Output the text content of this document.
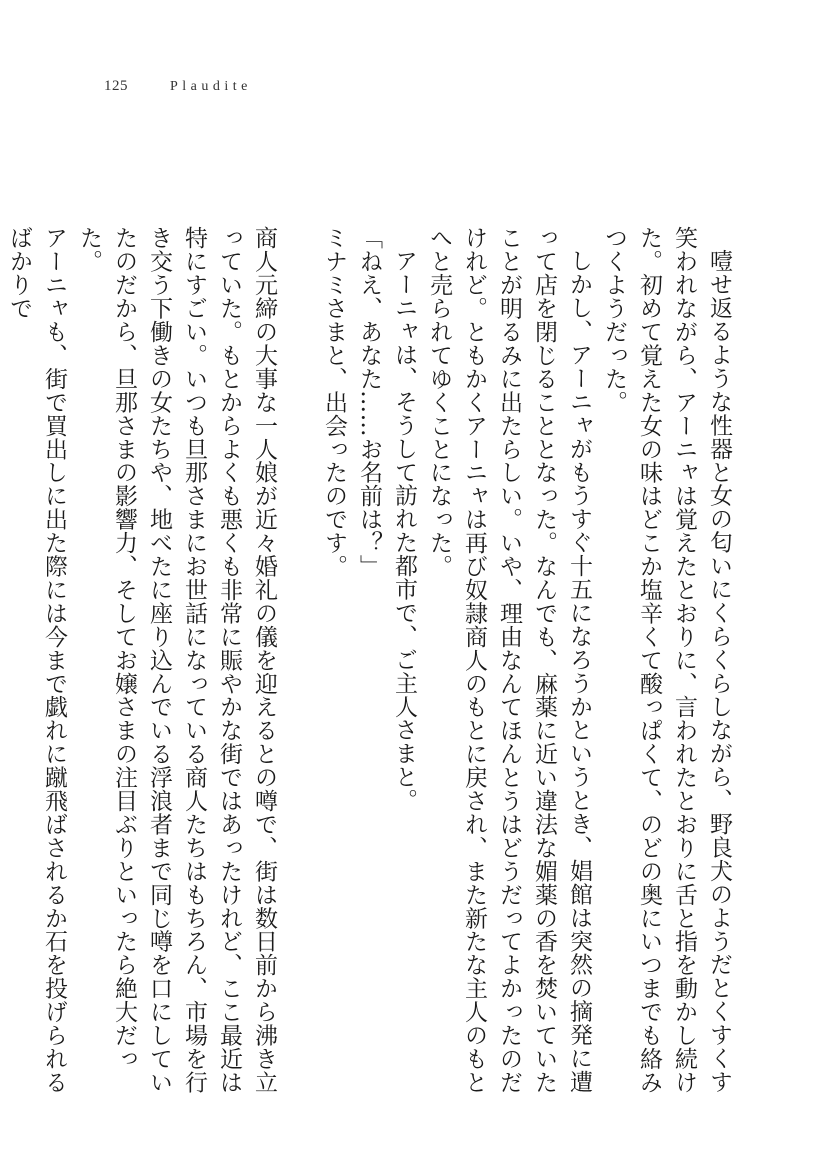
125	Plaudite

噎せ返るような性器と女の匂いにくらくらしながら、野良犬のようだとくすくす笑われながら、アーニャは覚えたとおりに、言われたとおりに舌と指を動かし続けた。初めて覚えた女の味はどこか塩辛くて酸っぱくて、のどの奥にいつまでも絡みつくようだった。

しかし、アーニャがもうすぐ十五になろうかというとき、娼館は突然の摘発に遭って店を閉じることとなった。なんでも、麻薬に近い違法な媚薬の香を焚いていたことが明るみに出たらしい。いや、理由なんてほんとうはどうだってよかったのだけれど。ともかくアーニャは再び奴隷商人のもとに戻され、また新たな主人のもとへと売られてゆくことになった。

アーニャは、そうして訪れた都市で、ご主人さまと。

「ねえ、あなた……お名前は？」

ミナミさまと、出会ったのです。

商人元締の大事な一人娘が近々婚礼の儀を迎えるとの噂で、街は数日前から沸き立っていた。もとからよくも悪くも非常に賑やかな街ではあったけれど、ここ最近は特にすごい。いつも旦那さまにお世話になっている商人たちはもちろん、市場を行き交う下働きの女たちや、地べたに座り込んでいる浮浪者まで同じ噂を口にしていたのだから、旦那さまの影響力、そしてお嬢さまの注目ぶりといったら絶大だった。

アーニャも、街で買出しに出た際には今まで戯れに蹴飛ばされるか石を投げられるばかりで
